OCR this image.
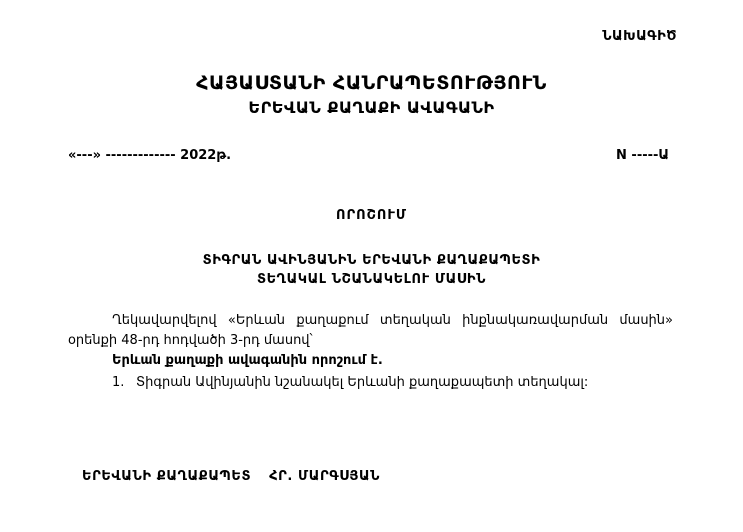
ՆԱԽԱԳԻԾ
ՀԱՅԱՍՏԱՆԻ ՀԱՆՐԱՊԵՏՈՒԹՅՈՒՆ
ԵՐԵՎԱՆ ՔԱՂԱՔԻ ԱՎԱԳԱՆԻ
«---» ------------- 2022թ.	N -----Ա
ՈՐՈՇՈՒՄ
ՏԻԳՐԱՆ ԱՎԻՆՅԱՆԻՆ ԵՐԵՎԱՆԻ ՔԱՂԱՔԱՊԵՏԻ
ՏԵՂԱԿԱԼ ՆՇԱՆԱԿԵԼՈՒ ՄԱՍԻՆ
Ղեկավարվելով «Երևան քաղաքում տեղական ինքնակառավարման մասին»
օրենքի 48-րդ հոդվածի 3-րդ մասով՝
Երևան քաղաքի ավագանին որոշում է.
1. Տիգրան Ավինյանին նշանակել Երևանի քաղաքապետի տեղակալ:
ԵՐԵՎԱՆԻ ՔԱՂԱՔԱՊԵՏ ՀՐ. ՄԱՐԳՍՅԱՆ
